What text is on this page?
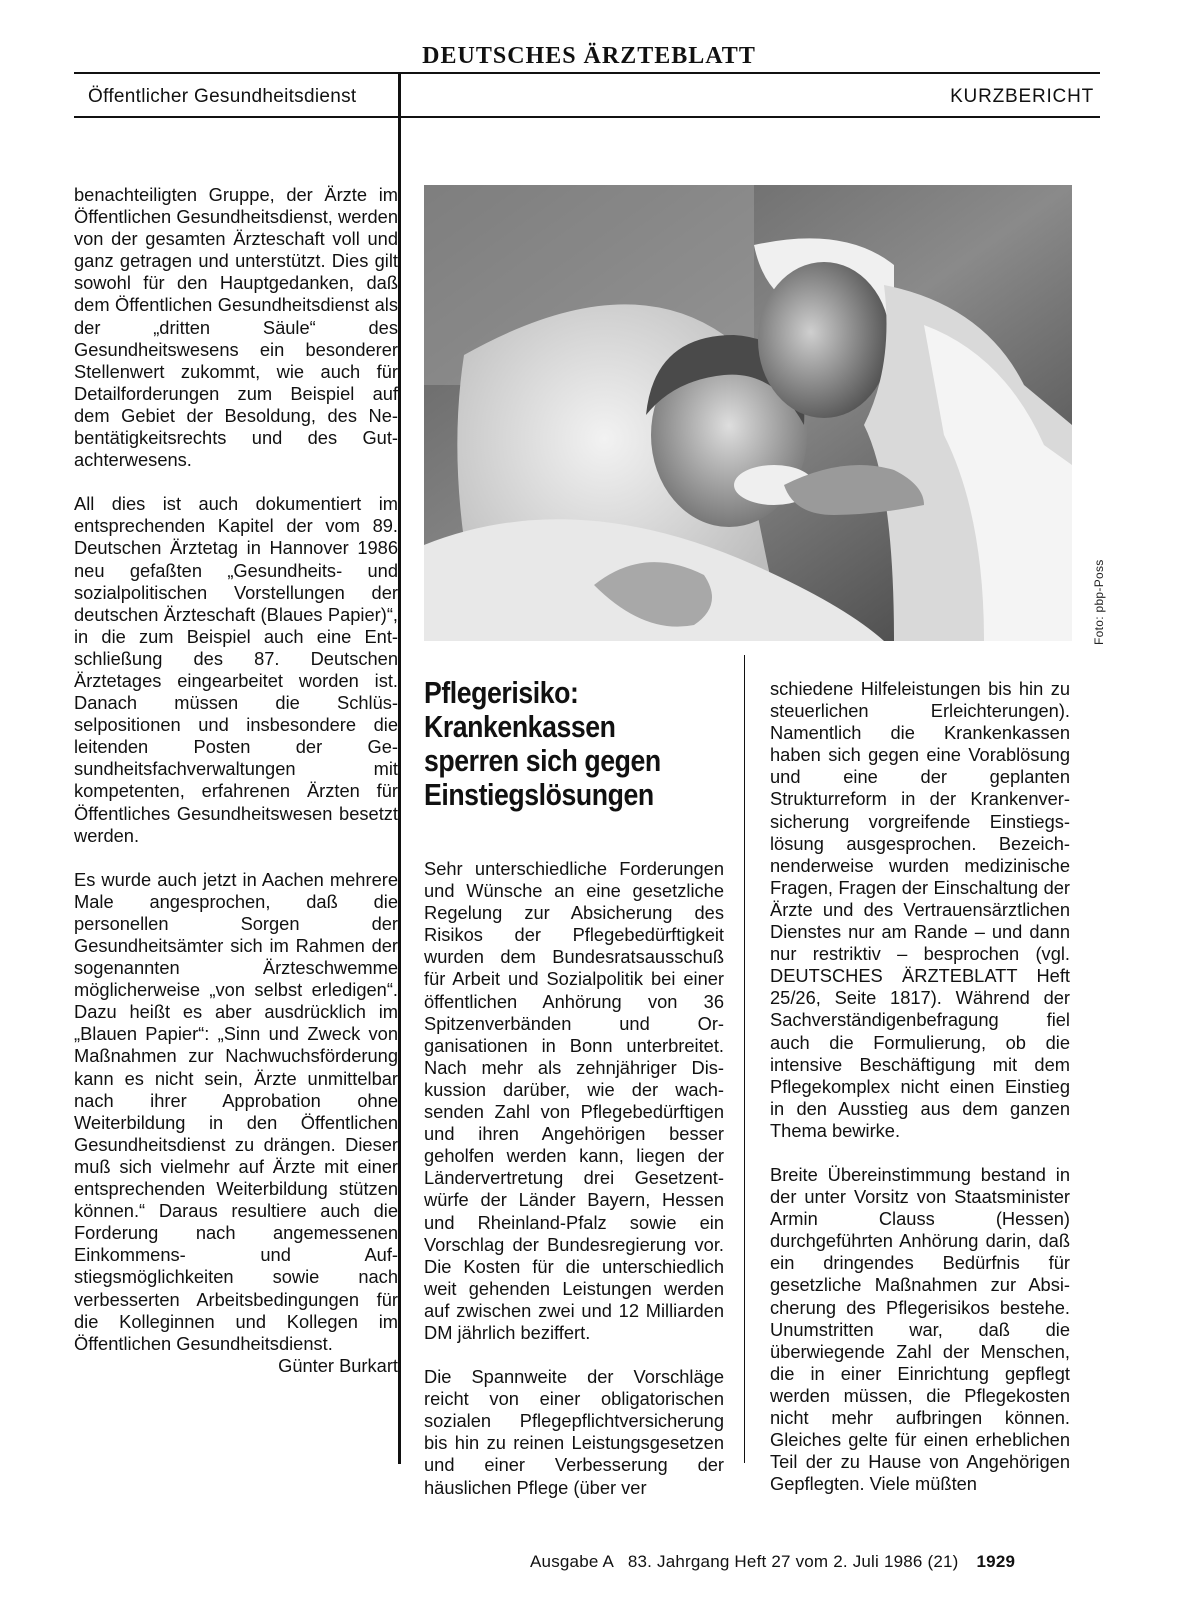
DEUTSCHES ÄRZTEBLATT
Öffentlicher Gesundheitsdienst	KURZBERICHT

benachteiligten Gruppe, der Ärzte im Öffentlichen Gesundheitsdienst, werden von der gesamten Ärzteschaft voll und ganz getragen und unterstützt. Dies gilt sowohl für den Hauptgedanken, daß dem Öffentlichen Gesundheitsdienst als der „dritten Säule“ des Gesundheitswesens ein besonderer Stellenwert zukommt, wie auch für Detailforderungen zum Beispiel auf dem Gebiet der Besoldung, des Nebentätigkeitsrechts und des Gutachterwesens.

All dies ist auch dokumentiert im entsprechenden Kapitel der vom 89. Deutschen Ärztetag in Hannover 1986 neu gefaßten „Gesundheits- und sozialpolitischen Vorstellungen der deutschen Ärzteschaft (Blaues Papier)“, in die zum Beispiel auch eine Entschließung des 87. Deutschen Ärztetages eingearbeitet worden ist. Danach müssen die Schlüsselpositionen und insbesondere die leitenden Posten der Gesundheitsfachverwaltungen mit kompetenten, erfahrenen Ärzten für Öffentliches Gesundheitswesen besetzt werden.

Es wurde auch jetzt in Aachen mehrere Male angesprochen, daß die personellen Sorgen der Gesundheitsämter sich im Rahmen der sogenannten Ärzteschwemme möglicherweise „von selbst erledigen“. Dazu heißt es aber ausdrücklich im „Blauen Papier“: „Sinn und Zweck von Maßnahmen zur Nachwuchsförderung kann es nicht sein, Ärzte unmittelbar nach ihrer Approbation ohne Weiterbildung in den Öffentlichen Gesundheitsdienst zu drängen. Dieser muß sich vielmehr auf Ärzte mit einer entsprechenden Weiterbildung stützen können.“ Daraus resultiere auch die Forderung nach angemessenen Einkommens- und Aufstiegsmöglichkeiten sowie nach verbesserten Arbeitsbedingungen für die Kolleginnen und Kollegen im Öffentlichen Gesundheitsdienst.
Günter Burkart

Foto: pbp-Poss
Pflegerisiko: Krankenkassen sperren sich gegen Einstiegslösungen

Sehr unterschiedliche Forderungen und Wünsche an eine gesetzliche Regelung zur Absicherung des Risikos der Pflegebedürftigkeit wurden dem Bundesratsausschuß für Arbeit und Sozialpolitik bei einer öffentlichen Anhörung von 36 Spitzenverbänden und Organisationen in Bonn unterbreitet. Nach mehr als zehnjähriger Diskussion darüber, wie der wachsenden Zahl von Pflegebedürftigen und ihren Angehörigen besser geholfen werden kann, liegen der Ländervertretung drei Gesetzentwürfe der Länder Bayern, Hessen und Rheinland-Pfalz sowie ein Vorschlag der Bundesregierung vor. Die Kosten für die unterschiedlich weit gehenden Leistungen werden auf zwischen zwei und 12 Milliarden DM jährlich beziffert.

Die Spannweite der Vorschläge reicht von einer obligatorischen sozialen Pflegepflichtversicherung bis hin zu reinen Leistungsgesetzen und einer Verbesserung der häuslichen Pflege (über ver

schiedene Hilfeleistungen bis hin zu steuerlichen Erleichterungen). Namentlich die Krankenkassen haben sich gegen eine Vorablösung und eine der geplanten Strukturreform in der Krankenversicherung vorgreifende Einstiegslösung ausgesprochen. Bezeichnenderweise wurden medizinische Fragen, Fragen der Einschaltung der Ärzte und des Vertrauensärztlichen Dienstes nur am Rande – und dann nur restriktiv – besprochen (vgl. DEUTSCHES ÄRZTEBLATT Heft 25/26, Seite 1817). Während der Sachverständigenbefragung fiel auch die Formulierung, ob die intensive Beschäftigung mit dem Pflegekomplex nicht einen Einstieg in den Ausstieg aus dem ganzen Thema bewirke.

Breite Übereinstimmung bestand in der unter Vorsitz von Staatsminister Armin Clauss (Hessen) durchgeführten Anhörung darin, daß ein dringendes Bedürfnis für gesetzliche Maßnahmen zur Absicherung des Pflegerisikos bestehe. Unumstritten war, daß die überwiegende Zahl der Menschen, die in einer Einrichtung gepflegt werden müssen, die Pflegekosten nicht mehr aufbringen können. Gleiches gelte für einen erheblichen Teil der zu Hause von Angehörigen Gepflegten. Viele müßten

Ausgabe A   83. Jahrgang Heft 27 vom 2. Juli 1986 (21) 1929
